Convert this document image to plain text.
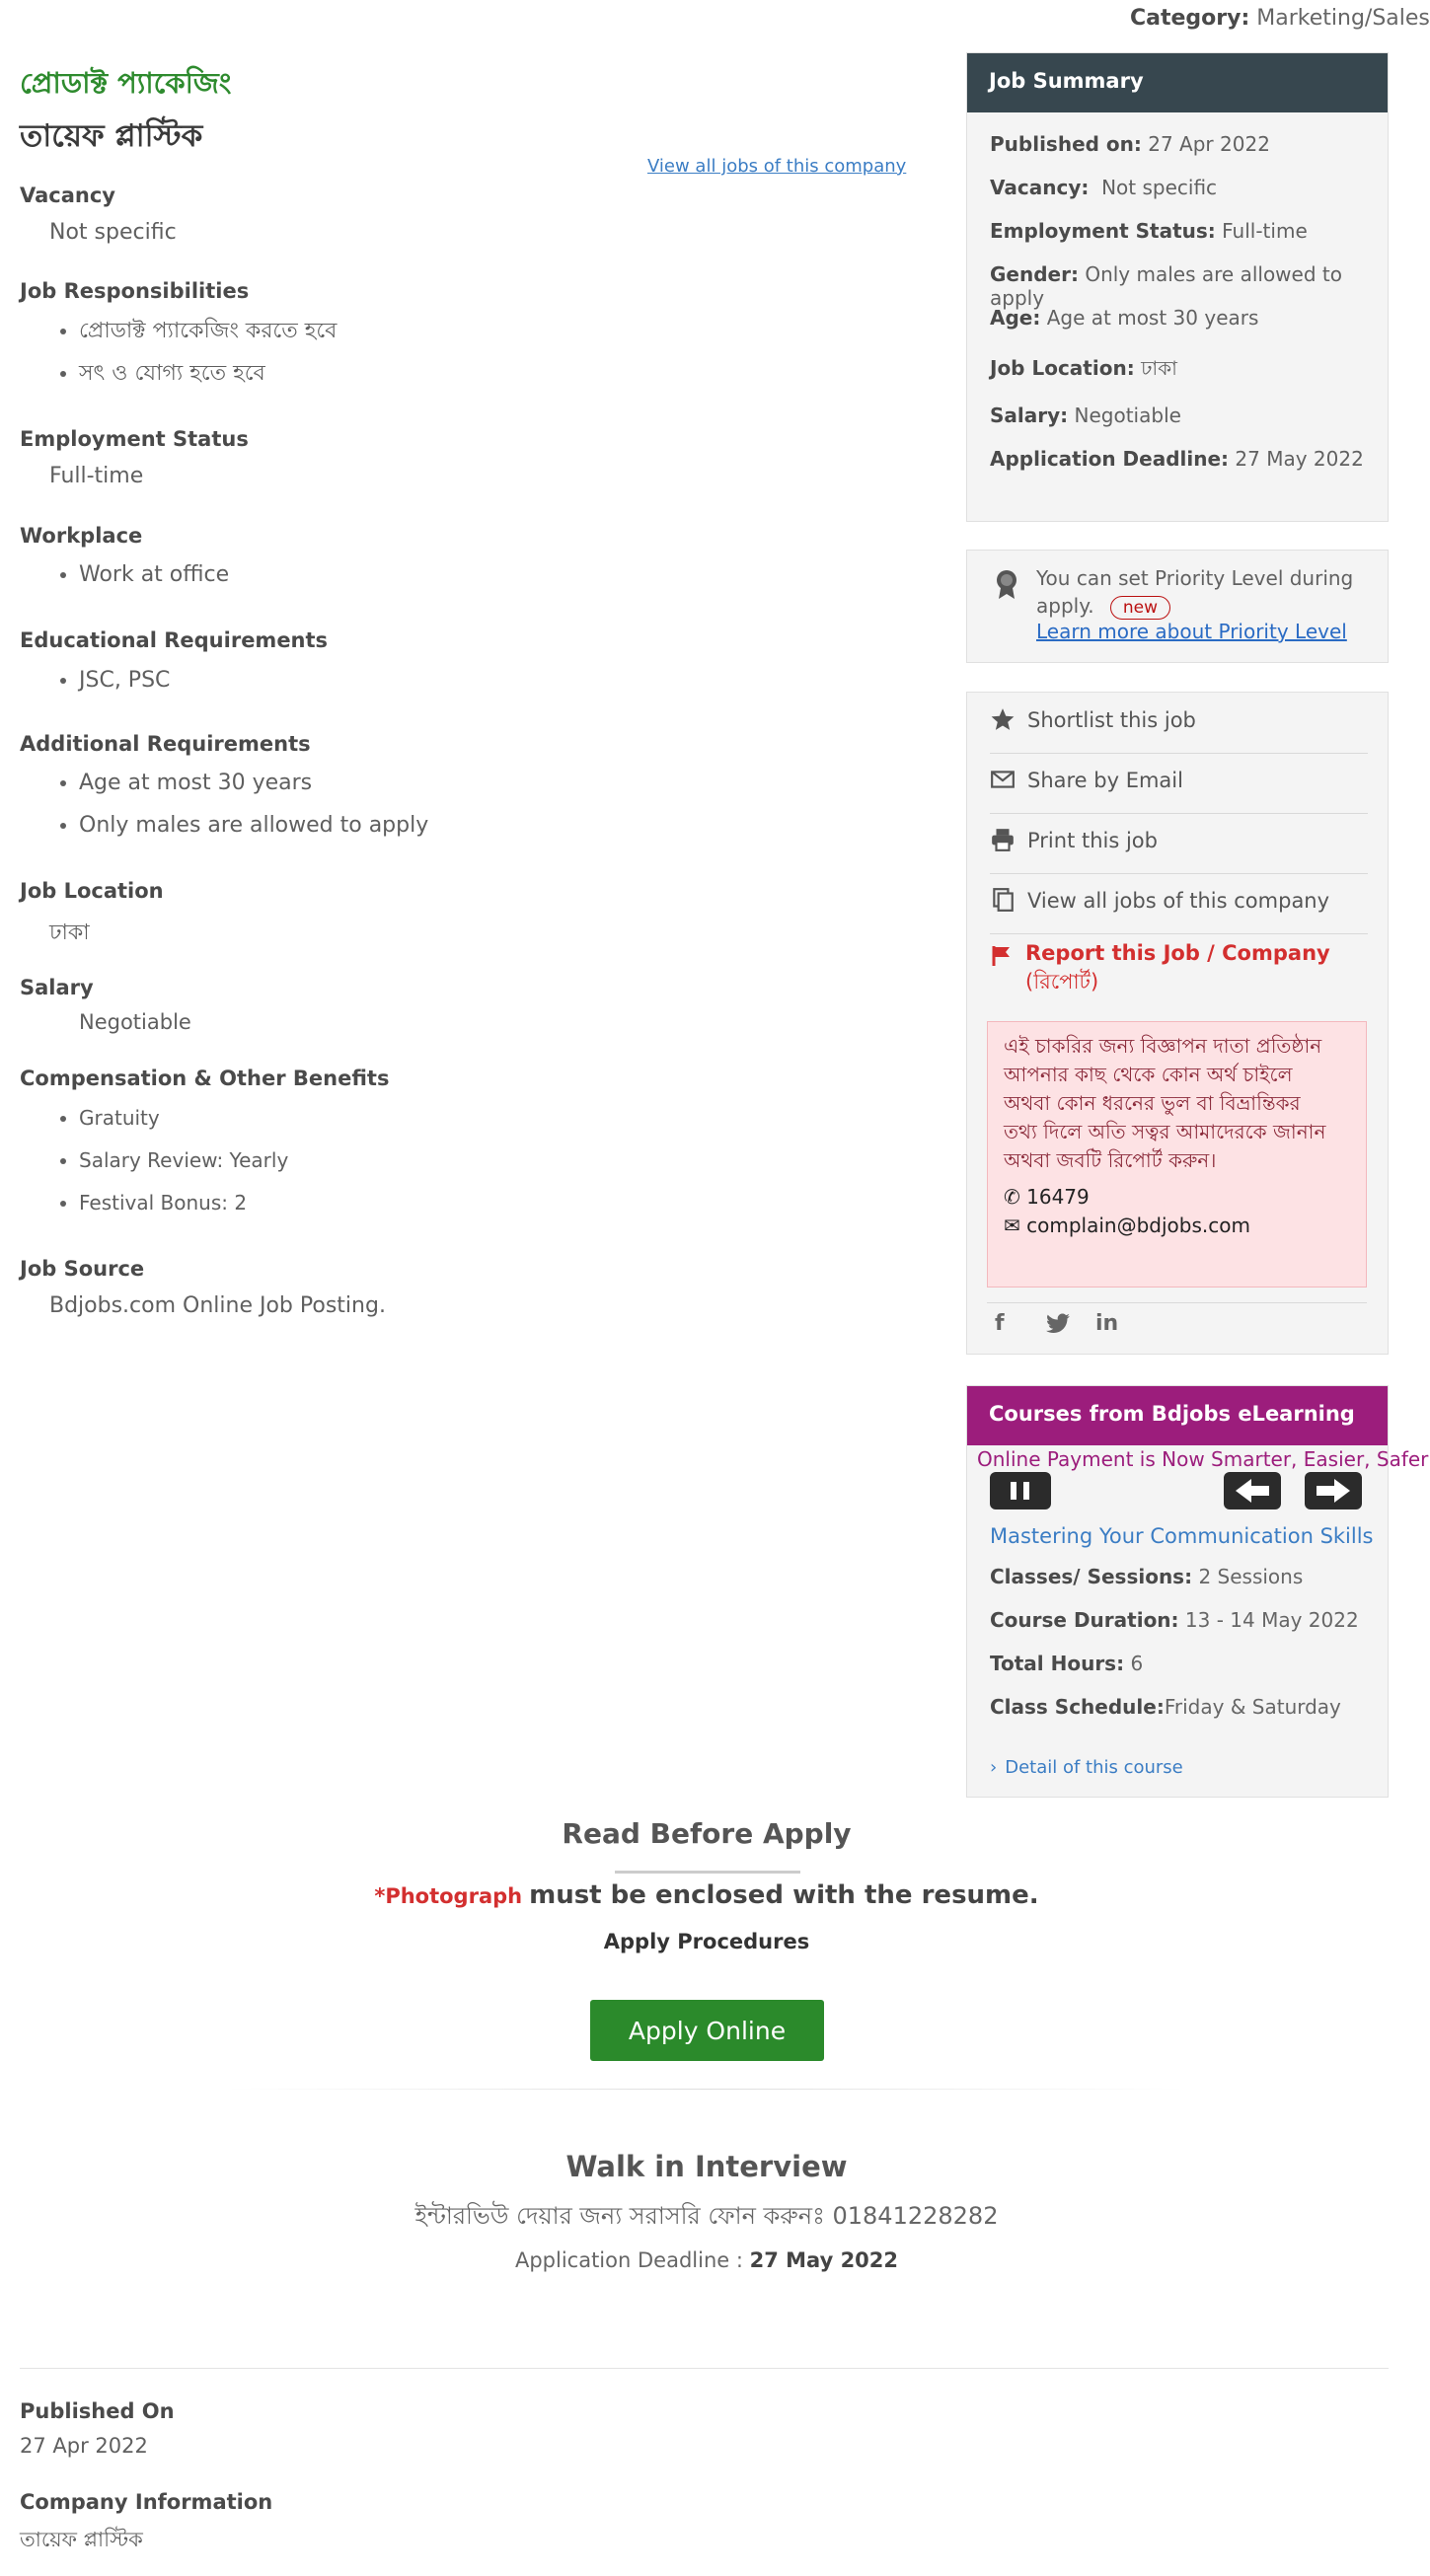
Category: Marketing/Sales
প্রোডাক্ট প্যাকেজিং
তায়েফ প্লাস্টিক
View all jobs of this company
Vacancy
Not specific
Job Responsibilities
• প্রোডাক্ট প্যাকেজিং করতে হবে
• সৎ ও যোগ্য হতে হবে
Employment Status
Full-time
Workplace
• Work at office
Educational Requirements
• JSC, PSC
Additional Requirements
• Age at most 30 years
• Only males are allowed to apply
Job Location
ঢাকা
Salary
Negotiable
Compensation & Other Benefits
• Gratuity
• Salary Review: Yearly
• Festival Bonus: 2
Job Source
Bdjobs.com Online Job Posting.
Job Summary
Published on: 27 Apr 2022
Vacancy: Not specific
Employment Status: Full-time
Gender: Only males are allowed to apply
Age: Age at most 30 years
Job Location: ঢাকা
Salary: Negotiable
Application Deadline: 27 May 2022
You can set Priority Level during
apply. new
Learn more about Priority Level
Shortlist this job
Share by Email
Print this job
View all jobs of this company
Report this Job / Company
(রিপোর্ট)
এই চাকরির জন্য বিজ্ঞাপন দাতা প্রতিষ্ঠান
আপনার কাছ থেকে কোন অর্থ চাইলে
অথবা কোন ধরনের ভুল বা বিভ্রান্তিকর
তথ্য দিলে অতি সত্বর আমাদেরকে জানান
অথবা জবটি রিপোর্ট করুন।
✆ 16479
✉ complain@bdjobs.com
f	in
Courses from Bdjobs eLearning
Online Payment is Now Smarter, Easier, Safer
Mastering Your Communication Skills
Classes/ Sessions: 2 Sessions
Course Duration: 13 - 14 May 2022
Total Hours: 6
Class Schedule:Friday & Saturday
› Detail of this course
Read Before Apply
*Photograph must be enclosed with the resume.
Apply Procedures
Apply Online
Walk in Interview
ইন্টারভিউ দেয়ার জন্য সরাসরি ফোন করুনঃ 01841228282
Application Deadline : 27 May 2022
Published On
27 Apr 2022
Company Information
তায়েফ প্লাস্টিক
